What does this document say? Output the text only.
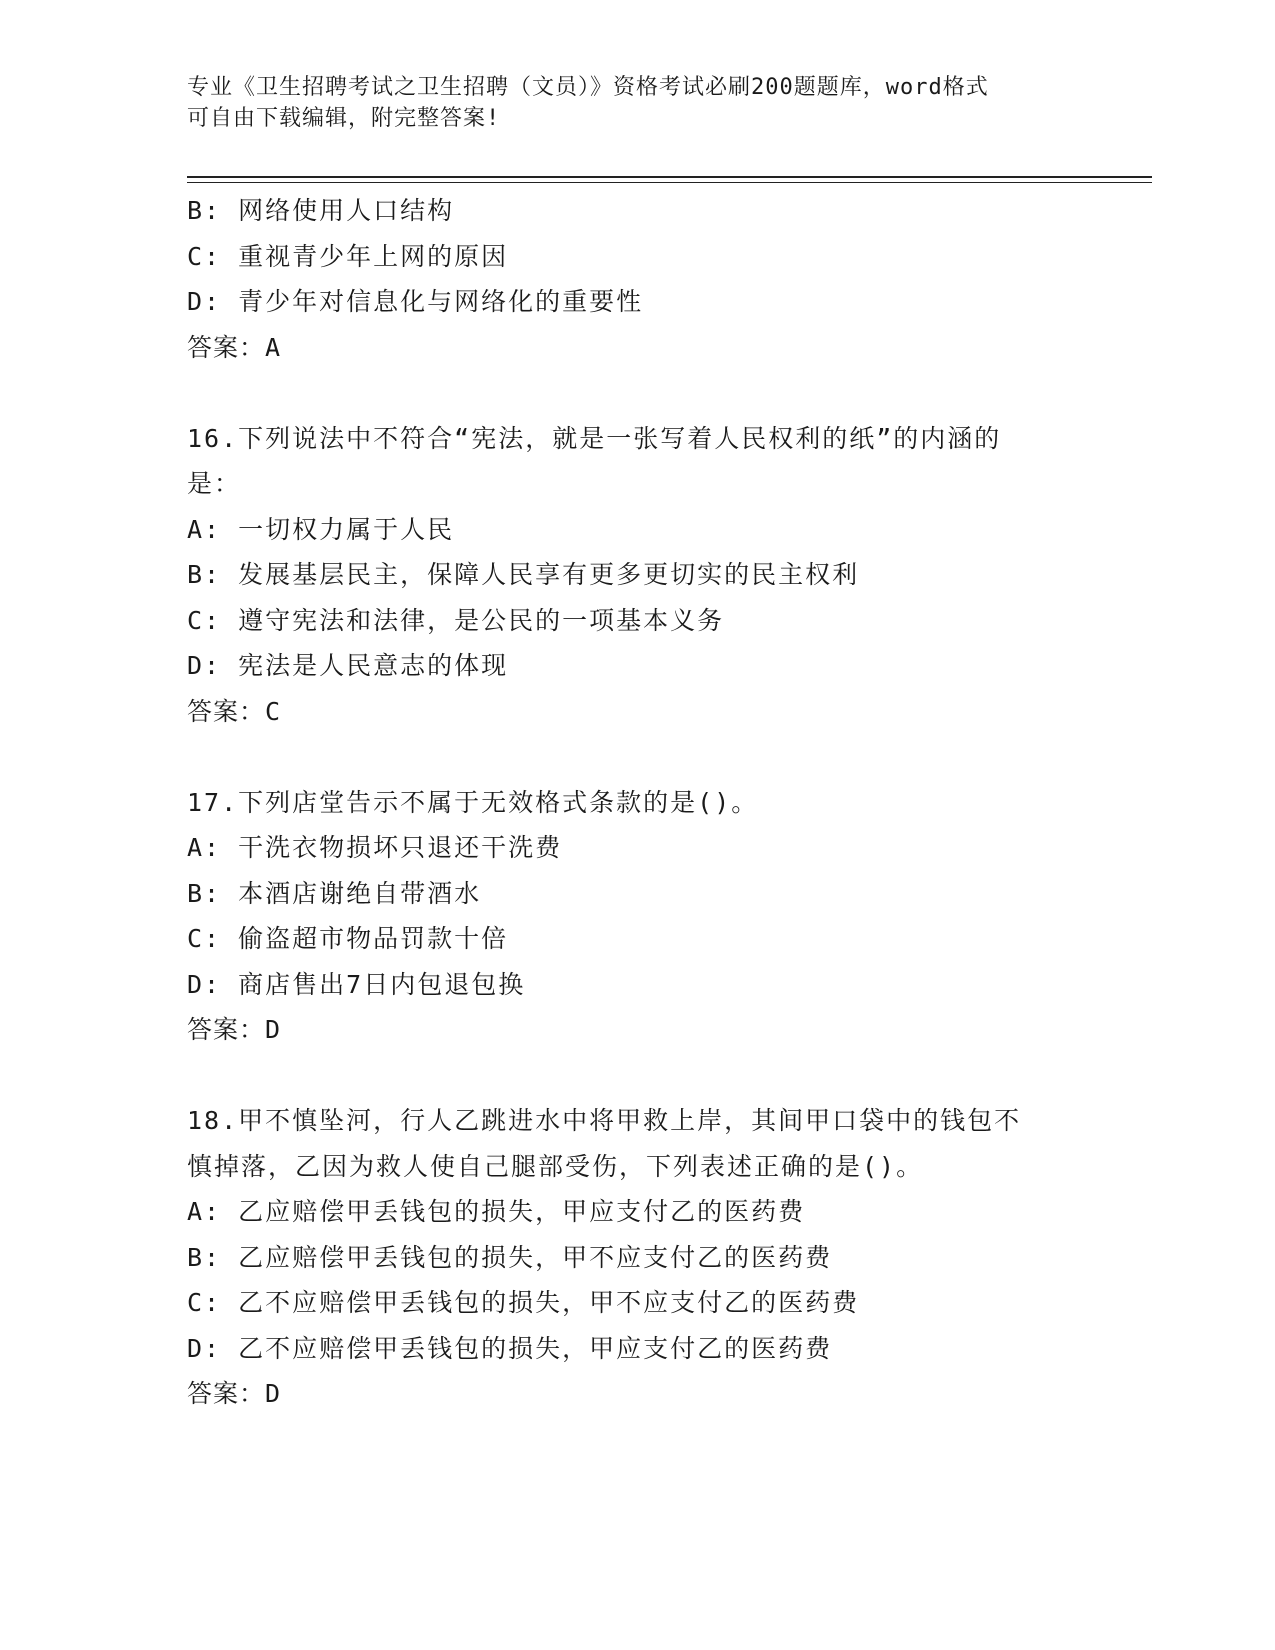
专业《卫生招聘考试之卫生招聘（文员）》资格考试必刷200题题库，word格式
可自由下载编辑，附完整答案!
B: 网络使用人口结构
C: 重视青少年上网的原因
D: 青少年对信息化与网络化的重要性
答案：A
16.下列说法中不符合“宪法，就是一张写着人民权利的纸”的内涵的
是：
A: 一切权力属于人民
B: 发展基层民主，保障人民享有更多更切实的民主权利
C: 遵守宪法和法律，是公民的一项基本义务
D: 宪法是人民意志的体现
答案：C
17.下列店堂告示不属于无效格式条款的是()。
A: 干洗衣物损坏只退还干洗费
B: 本酒店谢绝自带酒水
C: 偷盗超市物品罚款十倍
D: 商店售出7日内包退包换
答案：D
18.甲不慎坠河，行人乙跳进水中将甲救上岸，其间甲口袋中的钱包不
慎掉落，乙因为救人使自己腿部受伤，下列表述正确的是()。
A: 乙应赔偿甲丢钱包的损失，甲应支付乙的医药费
B: 乙应赔偿甲丢钱包的损失，甲不应支付乙的医药费
C: 乙不应赔偿甲丢钱包的损失，甲不应支付乙的医药费
D: 乙不应赔偿甲丢钱包的损失，甲应支付乙的医药费
答案：D
